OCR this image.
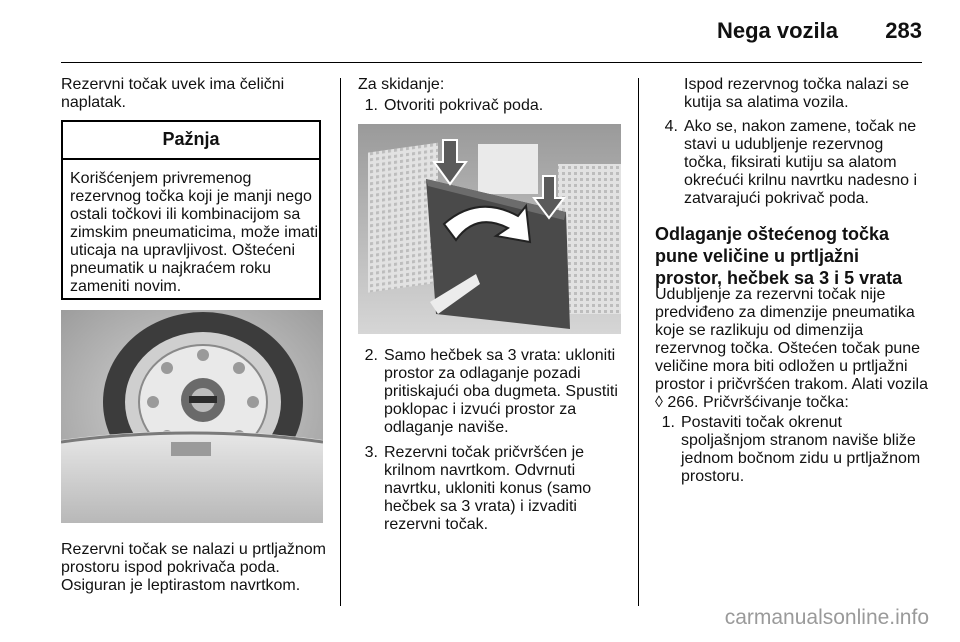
Nega vozila	283
Rezervni točak uvek ima čelični naplatak.
Pažnja
Korišćenjem privremenog rezervnog točka koji je manji nego ostali točkovi ili kombinacijom sa zimskim pneumaticima, može imati uticaja na upravljivost. Oštećeni pneumatik u najkraćem roku zameniti novim.
Rezervni točak se nalazi u prtljažnom prostoru ispod pokrivača poda. Osiguran je leptirastom navrtkom.
Za skidanje:
1. Otvoriti pokrivač poda.
2. Samo hečbek sa 3 vrata: ukloniti prostor za odlaganje pozadi pritiskajući oba dugmeta. Spustiti poklopac i izvući prostor za odlaganje naviše.
3. Rezervni točak pričvršćen je krilnom navrtkom. Odvrnuti navrtku, ukloniti konus (samo hečbek sa 3 vrata) i izvaditi rezervni točak.
Ispod rezervnog točka nalazi se kutija sa alatima vozila.
4. Ako se, nakon zamene, točak ne stavi u udubljenje rezervnog točka, fiksirati kutiju sa alatom okrećući krilnu navrtku nadesno i zatvarajući pokrivač poda.
Odlaganje oštećenog točka pune veličine u prtljažni prostor, hečbek sa 3 i 5 vrata
Udubljenje za rezervni točak nije predviđeno za dimenzije pneumatika koje se razlikuju od dimenzija rezervnog točka. Oštećen točak pune veličine mora biti odložen u prtljažni prostor i pričvršćen trakom. Alati vozila ◊ 266. Pričvršćivanje točka:
1. Postaviti točak okrenut spoljašnjom stranom naviše bliže jednom bočnom zidu u prtljažnom prostoru.
carmanualsonline.info
